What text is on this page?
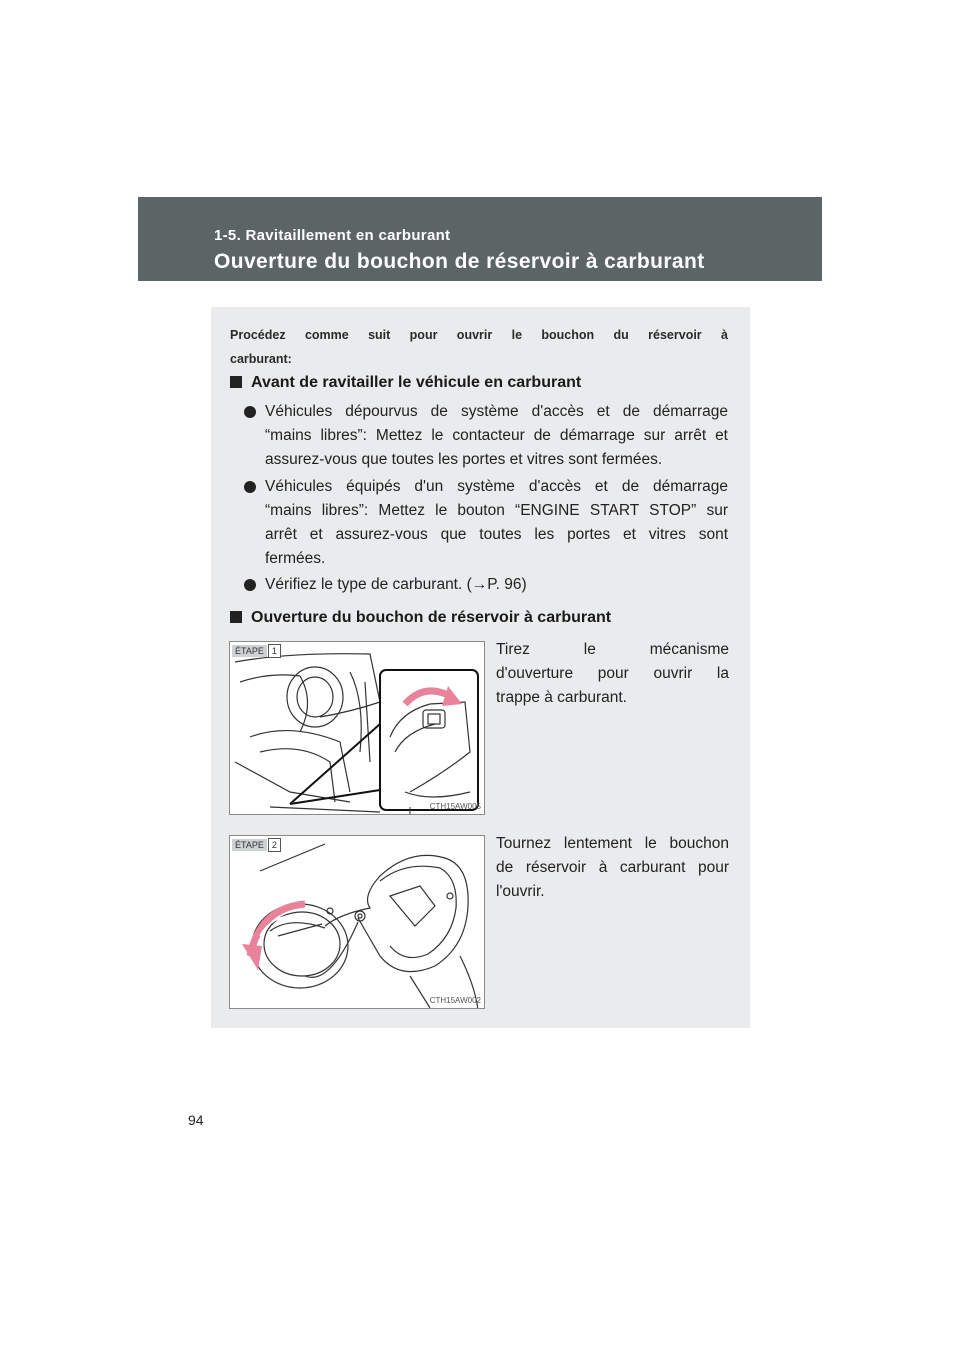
1-5. Ravitaillement en carburant
Ouverture du bouchon de réservoir à carburant
Procédez comme suit pour ouvrir le bouchon du réservoir à
carburant:
Avant de ravitailler le véhicule en carburant
Véhicules dépourvus de système d'accès et de démarrage
“mains libres”: Mettez le contacteur de démarrage sur arrêt et
assurez-vous que toutes les portes et vitres sont fermées.
Véhicules équipés d'un système d'accès et de démarrage
“mains libres”: Mettez le bouton “ENGINE START STOP” sur
arrêt et assurez-vous que toutes les portes et vitres sont
fermées.
Vérifiez le type de carburant. (→P. 96)
Ouverture du bouchon de réservoir à carburant
ÉTAPE 1
CTH15AW005
Tirez le mécanisme
d'ouverture pour ouvrir la
trappe à carburant.
ÉTAPE 2
CTH15AW002
Tournez lentement le bouchon
de réservoir à carburant pour
l'ouvrir.
94
